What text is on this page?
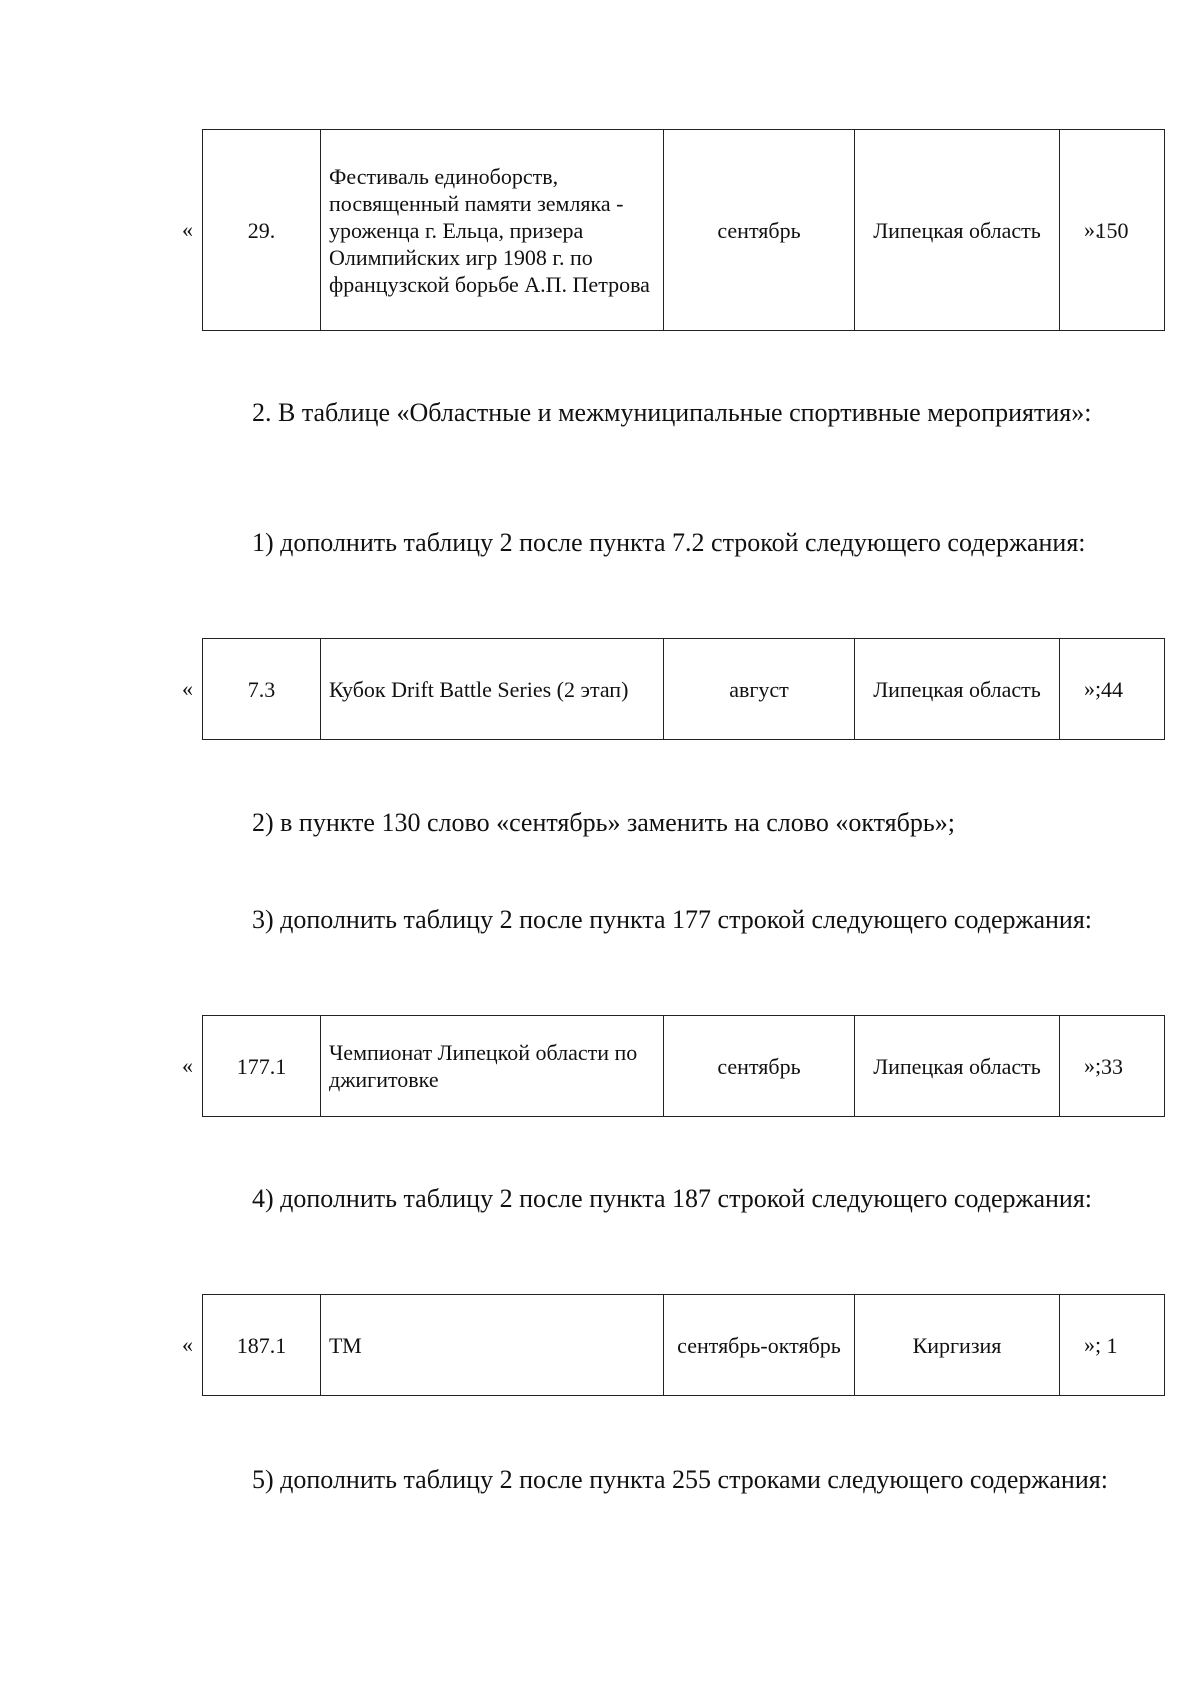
« 29.	Фестиваль единоборств, посвященный памяти земляка - уроженца г. Ельца, призера Олимпийских игр 1908 г. по французской борьбе А.П. Петрова	сентябрь	Липецкая область	150
».

2. В таблице «Областные и межмуниципальные спортивные мероприятия»:

1) дополнить таблицу 2 после пункта 7.2 строкой следующего содержания:

« 7.3	Кубок Drift Battle Series (2 этап)	август	Липецкая область	44
»;

2) в пункте 130 слово «сентябрь» заменить на слово «октябрь»;

3) дополнить таблицу 2 после пункта 177 строкой следующего содержания:

« 177.1	Чемпионат Липецкой области по джигитовке	сентябрь	Липецкая область	33
»;

4) дополнить таблицу 2 после пункта 187 строкой следующего содержания:

« 187.1	ТМ	сентябрь-октябрь	Киргизия	1
»;

5) дополнить таблицу 2 после пункта 255 строками следующего содержания:
